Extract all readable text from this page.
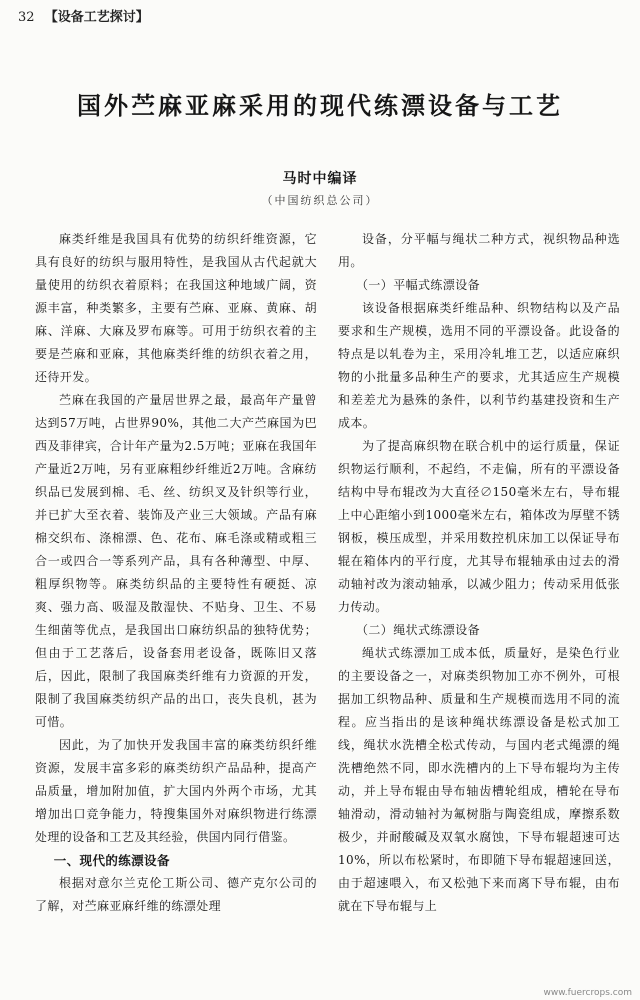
32 【设备工艺探讨】
国外苎麻亚麻采用的现代练漂设备与工艺
马时中编译
（中国纺织总公司）

麻类纤维是我国具有优势的纺织纤维资源，它具有良好的纺织与服用特性，是我国从古代起就大量使用的纺织衣着原料；在我国这种地域广阔，资源丰富，种类繁多，主要有苎麻、亚麻、黄麻、胡麻、洋麻、大麻及罗布麻等。可用于纺织衣着的主要是苎麻和亚麻，其他麻类纤维的纺织衣着之用，还待开发。

苎麻在我国的产量居世界之最，最高年产量曾达到57万吨，占世界90%，其他二大产苎麻国为巴西及菲律宾，合计年产量为2.5万吨；亚麻在我国年产量近2万吨，另有亚麻粗纱纤维近2万吨。含麻纺织品已发展到棉、毛、丝、纺织叉及针织等行业，并已扩大至衣着、装饰及产业三大领域。产品有麻棉交织布、涤棉漂、色、花布、麻毛涤或精或粗三合一或四合一等系列产品，具有各种薄型、中厚、粗厚织物等。麻类纺织品的主要特性有硬挺、凉爽、强力高、吸湿及散湿快、不贴身、卫生、不易生细菌等优点，是我国出口麻纺织品的独特优势；但由于工艺落后，设备套用老设备，既陈旧又落后，因此，限制了我国麻类纤维有力资源的开发，限制了我国麻类纺织产品的出口，丧失良机，甚为可惜。

因此，为了加快开发我国丰富的麻类纺织纤维资源，发展丰富多彩的麻类纺织产品品种，提高产品质量，增加附加值，扩大国内外两个市场，尤其增加出口竞争能力，特搜集国外对麻织物进行练漂处理的设备和工艺及其经验，供国内同行借鉴。

一、现代的练漂设备

根据对意尔兰克伦工斯公司、德产克尔公司的了解，对苎麻亚麻纤维的练漂处理

设备，分平幅与绳状二种方式，视织物品种选用。

（一）平幅式练漂设备

该设备根据麻类纤维品种、织物结构以及产品要求和生产规模，选用不同的平漂设备。此设备的特点是以轧卷为主，采用冷轧堆工艺，以适应麻织物的小批量多品种生产的要求，尤其适应生产规模和差差尤为悬殊的条件，以利节约基建投资和生产成本。

为了提高麻织物在联合机中的运行质量，保证织物运行顺利，不起绉，不走偏，所有的平漂设备结构中导布辊改为大直径∅150毫米左右，导布辊上中心距缩小到1000毫米左右，箱体改为厚壁不锈钢板，模压成型，并采用数控机床加工以保证导布辊在箱体内的平行度，尤其导布辊轴承由过去的滑动轴衬改为滚动轴承，以减少阻力；传动采用低张力传动。

（二）绳状式练漂设备

绳状式练漂加工成本低，质量好，是染色行业的主要设备之一，对麻类织物加工亦不例外，可根据加工织物品种、质量和生产规模而选用不同的流程。应当指出的是该种绳状练漂设备是松式加工线，绳状水洗槽全松式传动，与国内老式绳漂的绳洗槽绝然不同，即水洗槽内的上下导布辊均为主传动，并上导布辊由导布轴齿槽轮组成，槽轮在导布轴滑动，滑动轴衬为氟树脂与陶瓷组成，摩擦系数极少，并耐酸碱及双氧水腐蚀，下导布辊超速可达10%，所以布松紧时，布即随下导布辊超速回送，由于超速喂入，布又松弛下来而离下导布辊，由布就在下导布辊与上

www.fuercrops.com
